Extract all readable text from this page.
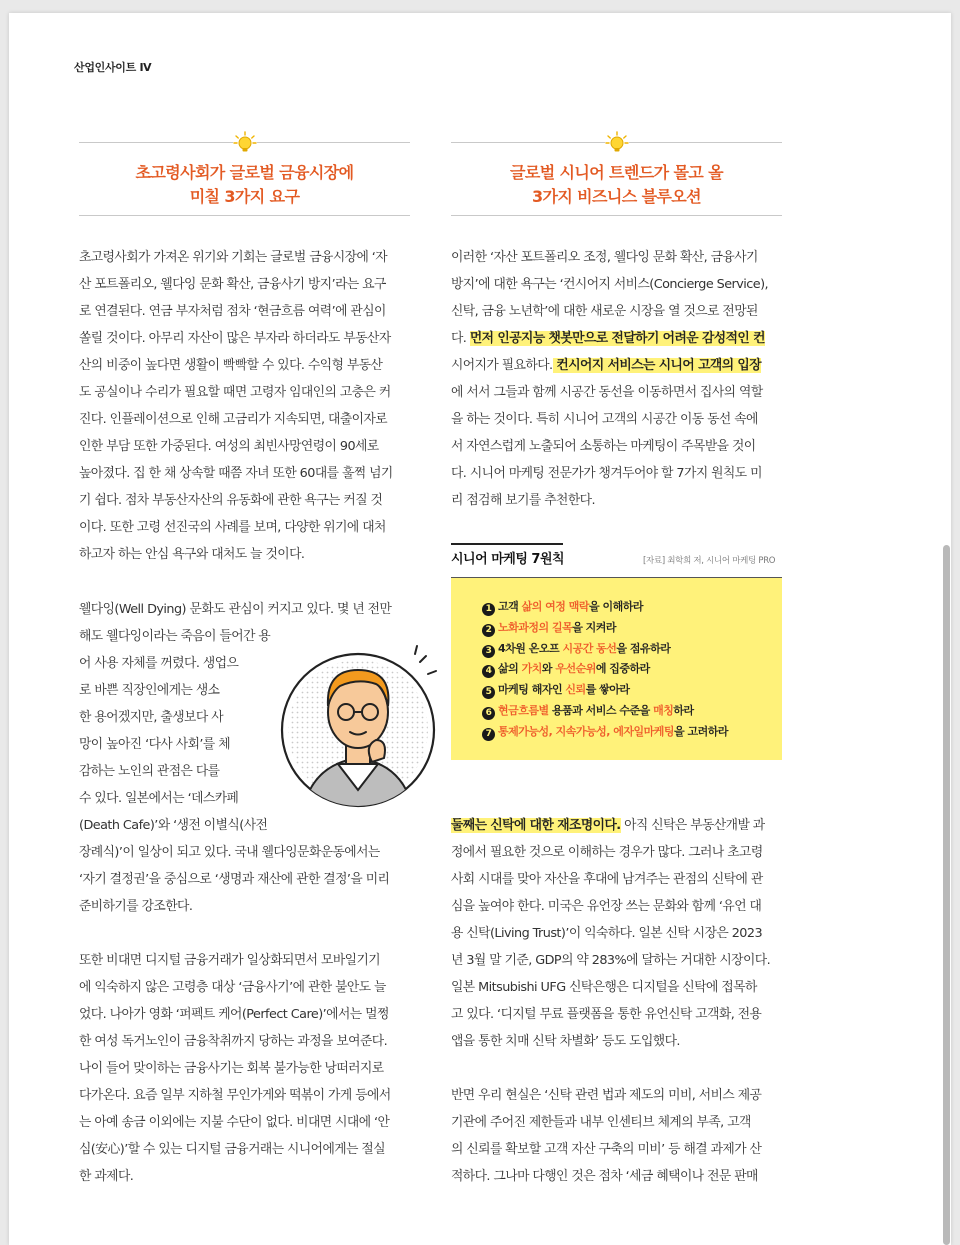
산업인사이트 Ⅳ
초고령사회가 글로벌 금융시장에
미칠 3가지 요구
글로벌 시니어 트렌드가 몰고 올
3가지 비즈니스 블루오션
초고령사회가 가져온 위기와 기회는 글로벌 금융시장에 ‘자
산 포트폴리오, 웰다잉 문화 확산, 금융사기 방지’라는 요구
로 연결된다. 연금 부자처럼 점차 ‘현금흐름 여력’에 관심이
쏠릴 것이다. 아무리 자산이 많은 부자라 하더라도 부동산자
산의 비중이 높다면 생활이 빡빡할 수 있다. 수익형 부동산
도 공실이나 수리가 필요할 때면 고령자 임대인의 고충은 커
진다. 인플레이션으로 인해 고금리가 지속되면, 대출이자로
인한 부담 또한 가중된다. 여성의 최빈사망연령이 90세로
높아졌다. 집 한 채 상속할 때쯤 자녀 또한 60대를 훌쩍 넘기
기 쉽다. 점차 부동산자산의 유동화에 관한 욕구는 커질 것
이다. 또한 고령 선진국의 사례를 보며, 다양한 위기에 대처
하고자 하는 안심 욕구와 대처도 늘 것이다.
웰다잉(Well Dying) 문화도 관심이 커지고 있다. 몇 년 전만
해도 웰다잉이라는 죽음이 들어간 용
어 사용 자체를 꺼렸다. 생업으
로 바쁜 직장인에게는 생소
한 용어겠지만, 출생보다 사
망이 높아진 ‘다사 사회’를 체
감하는 노인의 관점은 다를
수 있다. 일본에서는 ‘데스카페
(Death Cafe)’와 ‘생전 이별식(사전
장례식)’이 일상이 되고 있다. 국내 웰다잉문화운동에서는
‘자기 결정권’을 중심으로 ‘생명과 재산에 관한 결정’을 미리
준비하기를 강조한다.
또한 비대면 디지털 금융거래가 일상화되면서 모바일기기
에 익숙하지 않은 고령층 대상 ‘금융사기’에 관한 불안도 늘
었다. 나아가 영화 ‘퍼펙트 케어(Perfect Care)’에서는 멀쩡
한 여성 독거노인이 금융착취까지 당하는 과정을 보여준다.
나이 들어 맞이하는 금융사기는 회복 불가능한 낭떠러지로
다가온다. 요즘 일부 지하철 무인가게와 떡볶이 가게 등에서
는 아예 송금 이외에는 지불 수단이 없다. 비대면 시대에 ‘안
심(安心)’할 수 있는 디지털 금융거래는 시니어에게는 절실
한 과제다.
이러한 ‘자산 포트폴리오 조정, 웰다잉 문화 확산, 금융사기
방지’에 대한 욕구는 ‘컨시어지 서비스(Concierge Service),
신탁, 금융 노년학’에 대한 새로운 시장을 열 것으로 전망된
다. 먼저 인공지능 챗봇만으로 전달하기 어려운 감성적인 컨
시어지가 필요하다. 컨시어지 서비스는 시니어 고객의 입장
에 서서 그들과 함께 시공간 동선을 이동하면서 집사의 역할
을 하는 것이다. 특히 시니어 고객의 시공간 이동 동선 속에
서 자연스럽게 노출되어 소통하는 마케팅이 주목받을 것이
다. 시니어 마케팅 전문가가 챙겨두어야 할 7가지 원칙도 미
리 점검해 보기를 추천한다.
시니어 마케팅 7원칙	[자료] 최학희 저, 시니어 마케팅 PRO
1 고객 삶의 여정 맥락을 이해하라
2 노화과정의 길목을 지켜라
3 4차원 온오프 시공간 동선을 점유하라
4 삶의 가치와 우선순위에 집중하라
5 마케팅 해자인 신뢰를 쌓아라
6 현금흐름별 용품과 서비스 수준을 매칭하라
7 통제가능성, 지속가능성, 에자일마케팅을 고려하라
둘째는 신탁에 대한 재조명이다. 아직 신탁은 부동산개발 과
정에서 필요한 것으로 이해하는 경우가 많다. 그러나 초고령
사회 시대를 맞아 자산을 후대에 남겨주는 관점의 신탁에 관
심을 높여야 한다. 미국은 유언장 쓰는 문화와 함께 ‘유언 대
용 신탁(Living Trust)’이 익숙하다. 일본 신탁 시장은 2023
년 3월 말 기준, GDP의 약 283%에 달하는 거대한 시장이다.
일본 Mitsubishi UFG 신탁은행은 디지털을 신탁에 접목하
고 있다. ‘디지털 무료 플랫폼을 통한 유언신탁 고객화, 전용
앱을 통한 치매 신탁 차별화’ 등도 도입했다.
반면 우리 현실은 ‘신탁 관련 법과 제도의 미비, 서비스 제공
기관에 주어진 제한들과 내부 인센티브 체계의 부족, 고객
의 신뢰를 확보할 고객 자산 구축의 미비’ 등 해결 과제가 산
적하다. 그나마 다행인 것은 점차 ‘세금 혜택이나 전문 판매
